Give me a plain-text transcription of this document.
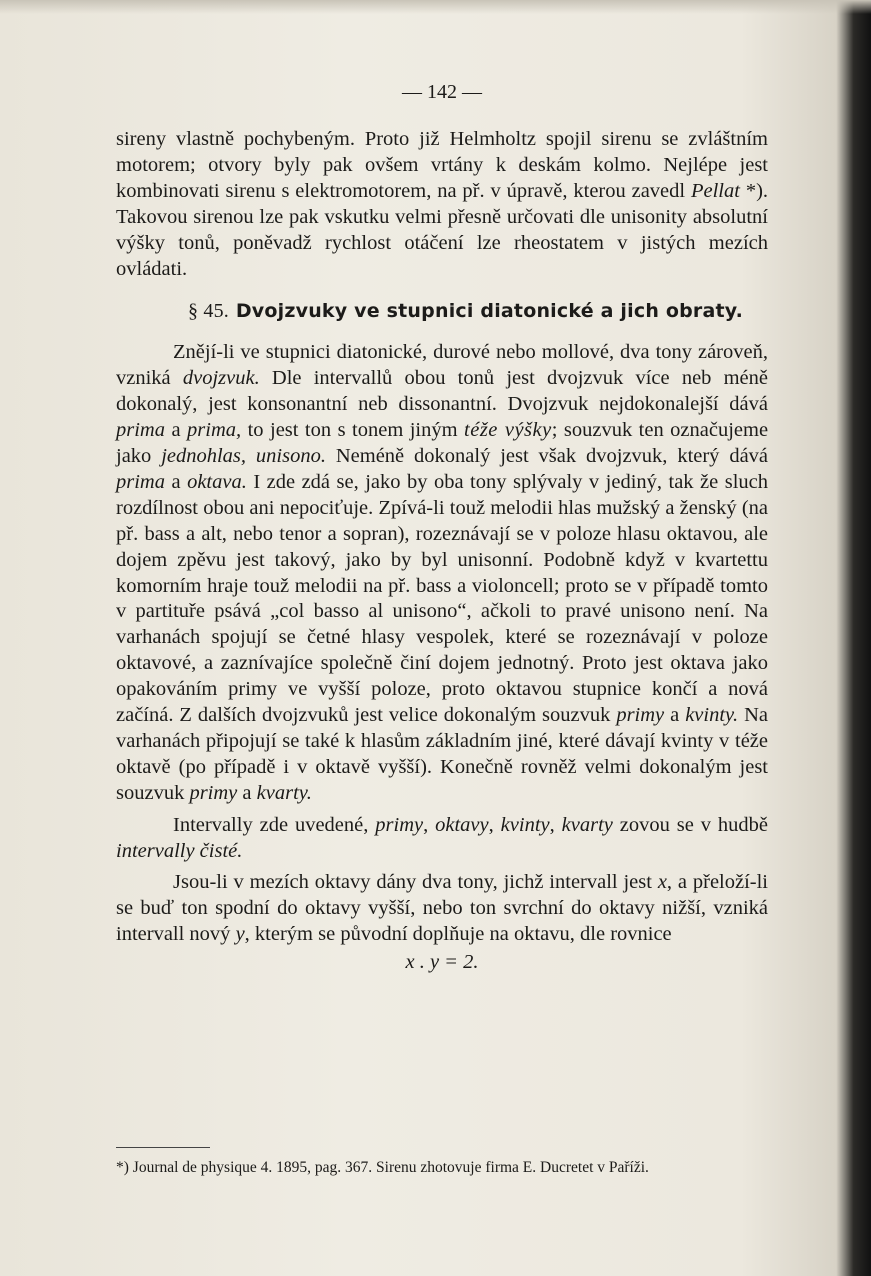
— 142 —

sireny vlastně pochybeným. Proto již Helmholtz spojil sirenu se zvláštním motorem; otvory byly pak ovšem vrtány k deskám kolmo. Nejlépe jest kombinovati sirenu s elektromotorem, na př. v úpravě, kterou zavedl Pellat *). Takovou sirenou lze pak vskutku velmi přesně určovati dle unisonity absolutní výšky tonů, poněvadž rychlost otáčení lze rheostatem v jistých mezích ovládati.

§ 45. Dvojzvuky ve stupnici diatonické a jich obraty.

Znějí-li ve stupnici diatonické, durové nebo mollové, dva tony zároveň, vzniká dvojzvuk. Dle intervallů obou tonů jest dvojzvuk více neb méně dokonalý, jest konsonantní neb dissonantní. Dvojzvuk nejdokonalejší dává prima a prima, to jest ton s tonem jiným téže výšky; souzvuk ten označujeme jako jednohlas, unisono. Neméně dokonalý jest však dvojzvuk, který dává prima a oktava. I zde zdá se, jako by oba tony splývaly v jediný, tak že sluch rozdílnost obou ani nepociťuje. Zpívá-li touž melodii hlas mužský a ženský (na př. bass a alt, nebo tenor a sopran), rozeznávají se v poloze hlasu oktavou, ale dojem zpěvu jest takový, jako by byl unisonní. Podobně když v kvartettu komorním hraje touž melodii na př. bass a violoncell; proto se v případě tomto v partituře psává „col basso al unisono“, ačkoli to pravé unisono není. Na varhanách spojují se četné hlasy vespolek, které se rozeznávají v poloze oktavové, a zaznívajíce společně činí dojem jednotný. Proto jest oktava jako opakováním primy ve vyšší poloze, proto oktavou stupnice končí a nová začíná. Z dalších dvojzvuků jest velice dokonalým souzvuk primy a kvinty. Na varhanách připojují se také k hlasům základním jiné, které dávají kvinty v téže oktavě (po případě i v oktavě vyšší). Konečně rovněž velmi dokonalým jest souzvuk primy a kvarty.

Intervally zde uvedené, primy, oktavy, kvinty, kvarty zovou se v hudbě intervally čisté.

Jsou-li v mezích oktavy dány dva tony, jichž intervall jest x, a přeloží-li se buď ton spodní do oktavy vyšší, nebo ton svrchní do oktavy nižší, vzniká intervall nový y, kterým se původní doplňuje na oktavu, dle rovnice

x . y = 2.

*) Journal de physique 4. 1895, pag. 367. Sirenu zhotovuje firma E. Ducretet v Paříži.
